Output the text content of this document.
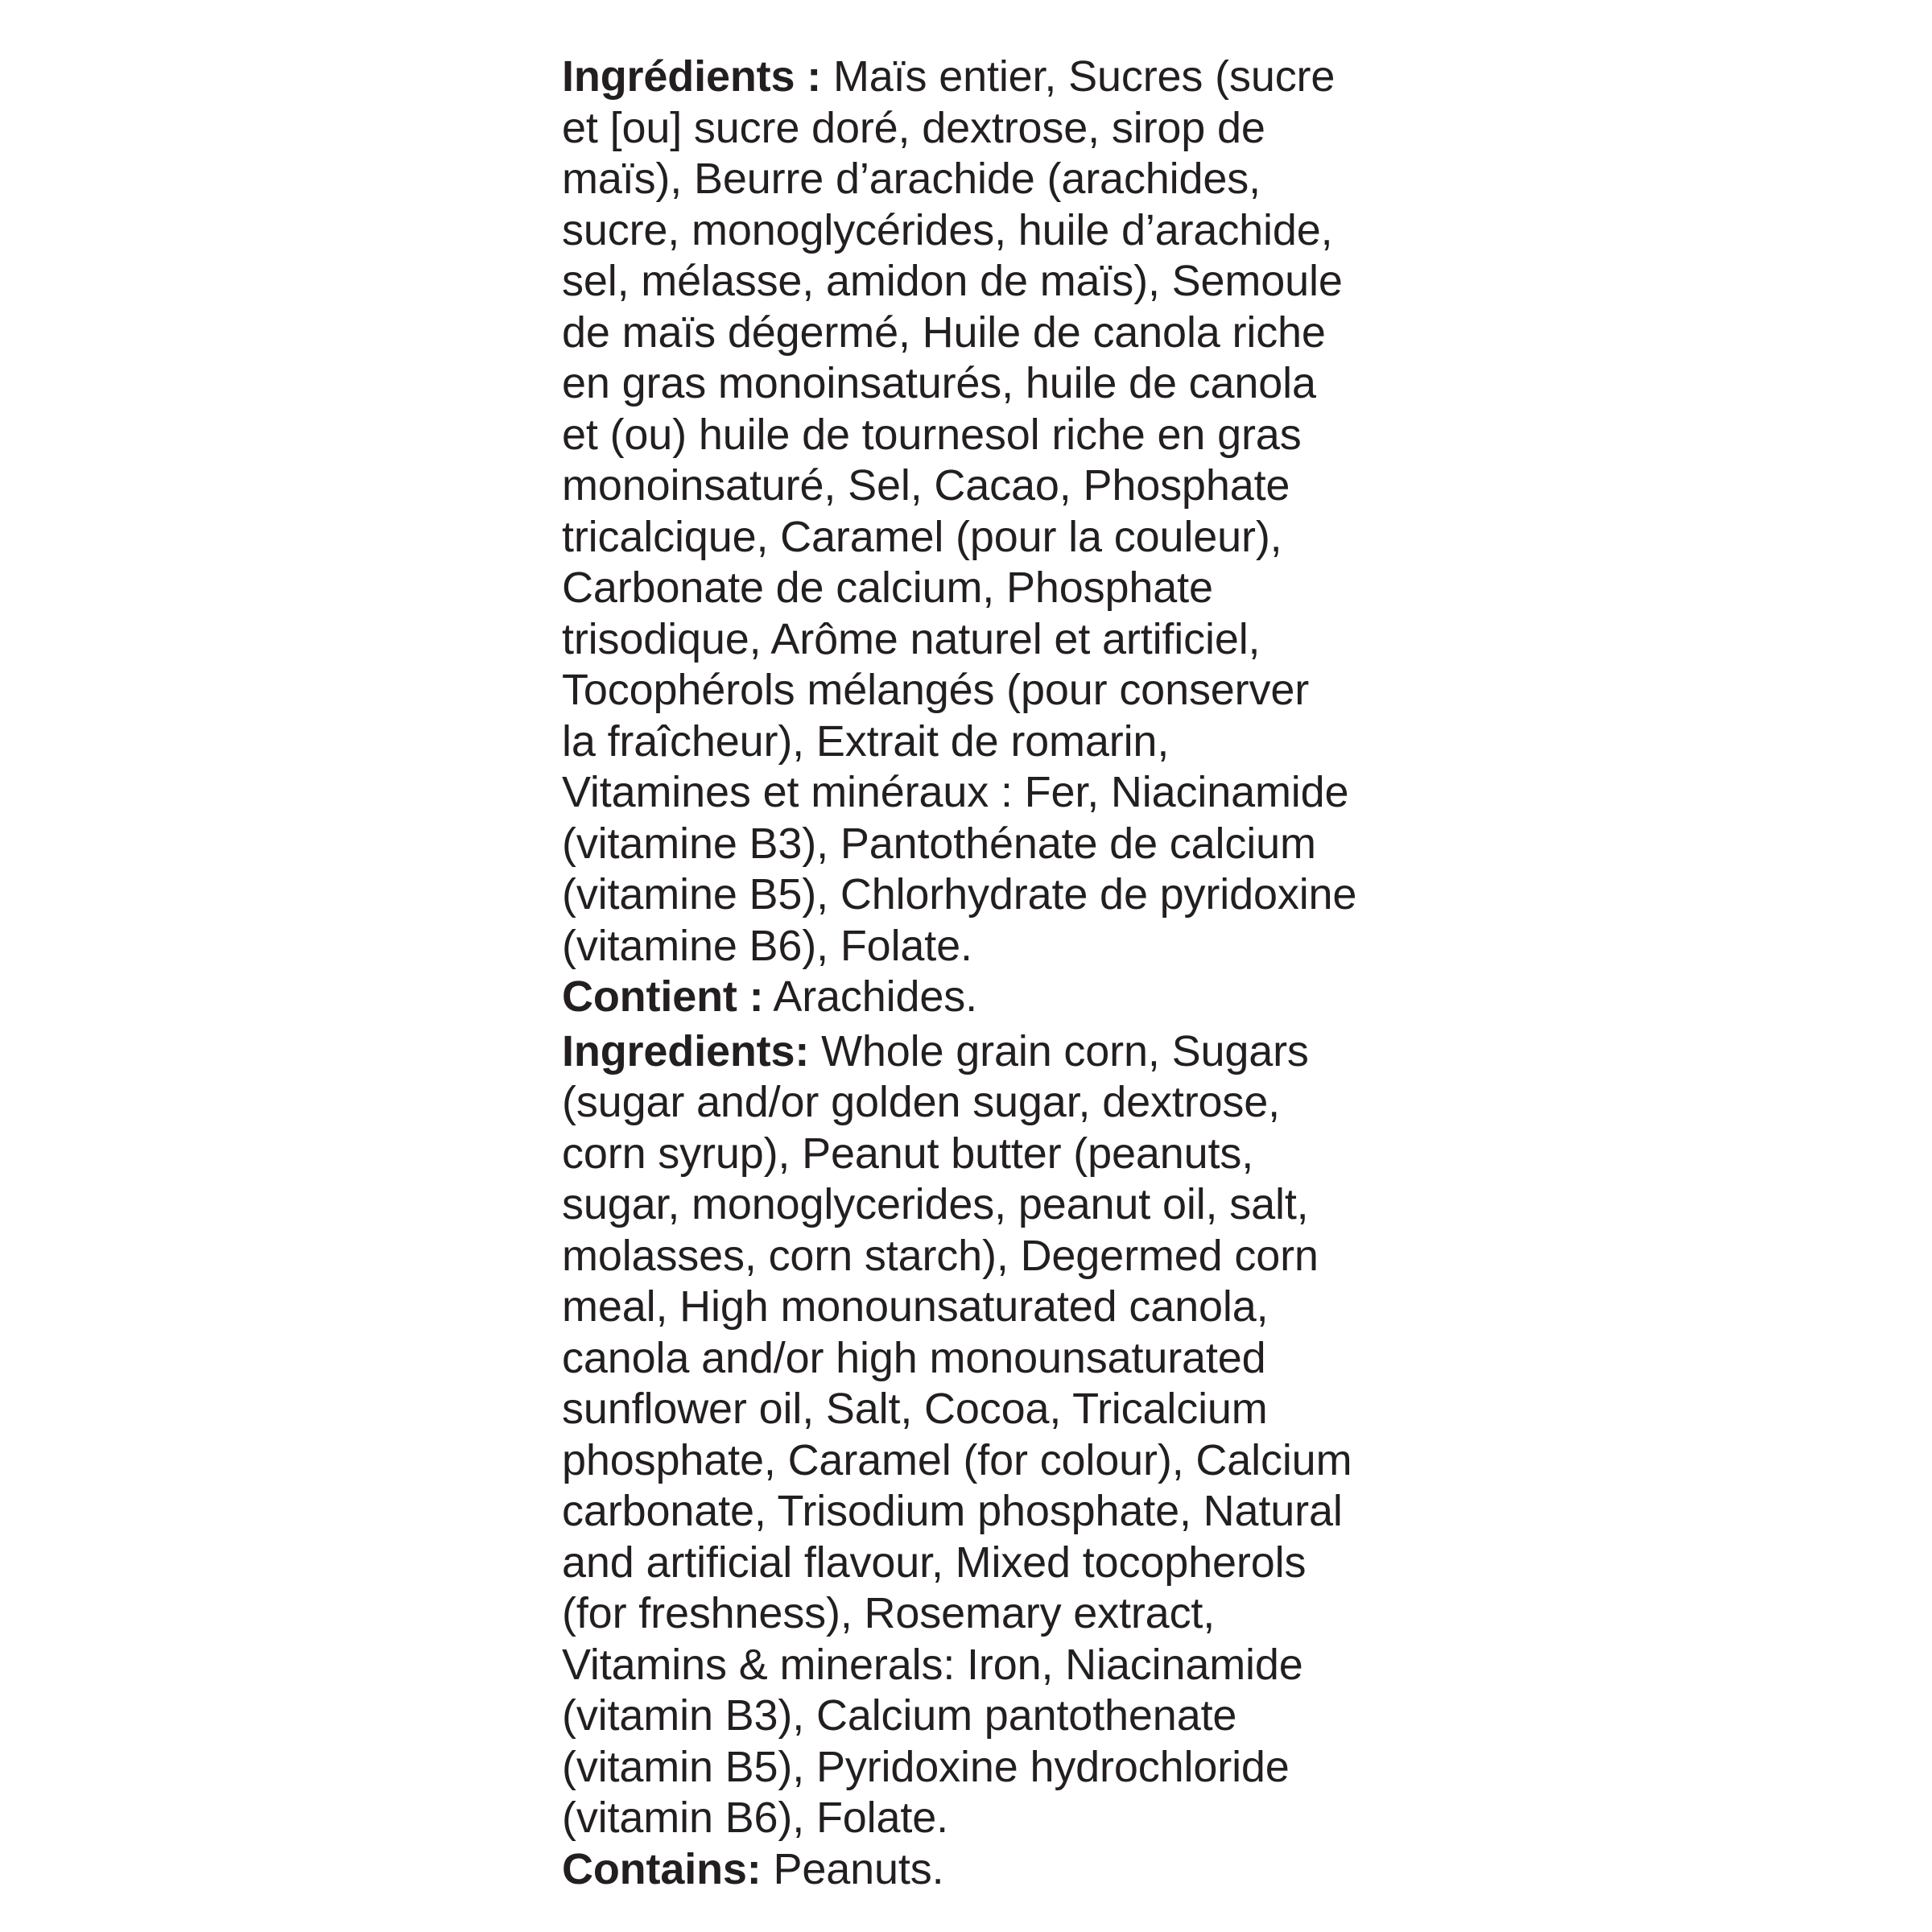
Ingrédients : Maïs entier, Sucres (sucre
et [ou] sucre doré, dextrose, sirop de
maïs), Beurre d’arachide (arachides,
sucre, monoglycérides, huile d’arachide,
sel, mélasse, amidon de maïs), Semoule
de maïs dégermé, Huile de canola riche
en gras monoinsaturés, huile de canola
et (ou) huile de tournesol riche en gras
monoinsaturé, Sel, Cacao, Phosphate
tricalcique, Caramel (pour la couleur),
Carbonate de calcium, Phosphate
trisodique, Arôme naturel et artificiel,
Tocophérols mélangés (pour conserver
la fraîcheur), Extrait de romarin,
Vitamines et minéraux : Fer, Niacinamide
(vitamine B3), Pantothénate de calcium
(vitamine B5), Chlorhydrate de pyridoxine
(vitamine B6), Folate.
Contient : Arachides.
Ingredients: Whole grain corn, Sugars
(sugar and/or golden sugar, dextrose,
corn syrup), Peanut butter (peanuts,
sugar, monoglycerides, peanut oil, salt,
molasses, corn starch), Degermed corn
meal, High monounsaturated canola,
canola and/or high monounsaturated
sunflower oil, Salt, Cocoa, Tricalcium
phosphate, Caramel (for colour), Calcium
carbonate, Trisodium phosphate, Natural
and artificial flavour, Mixed tocopherols
(for freshness), Rosemary extract,
Vitamins & minerals: Iron, Niacinamide
(vitamin B3), Calcium pantothenate
(vitamin B5), Pyridoxine hydrochloride
(vitamin B6), Folate.
Contains: Peanuts.
